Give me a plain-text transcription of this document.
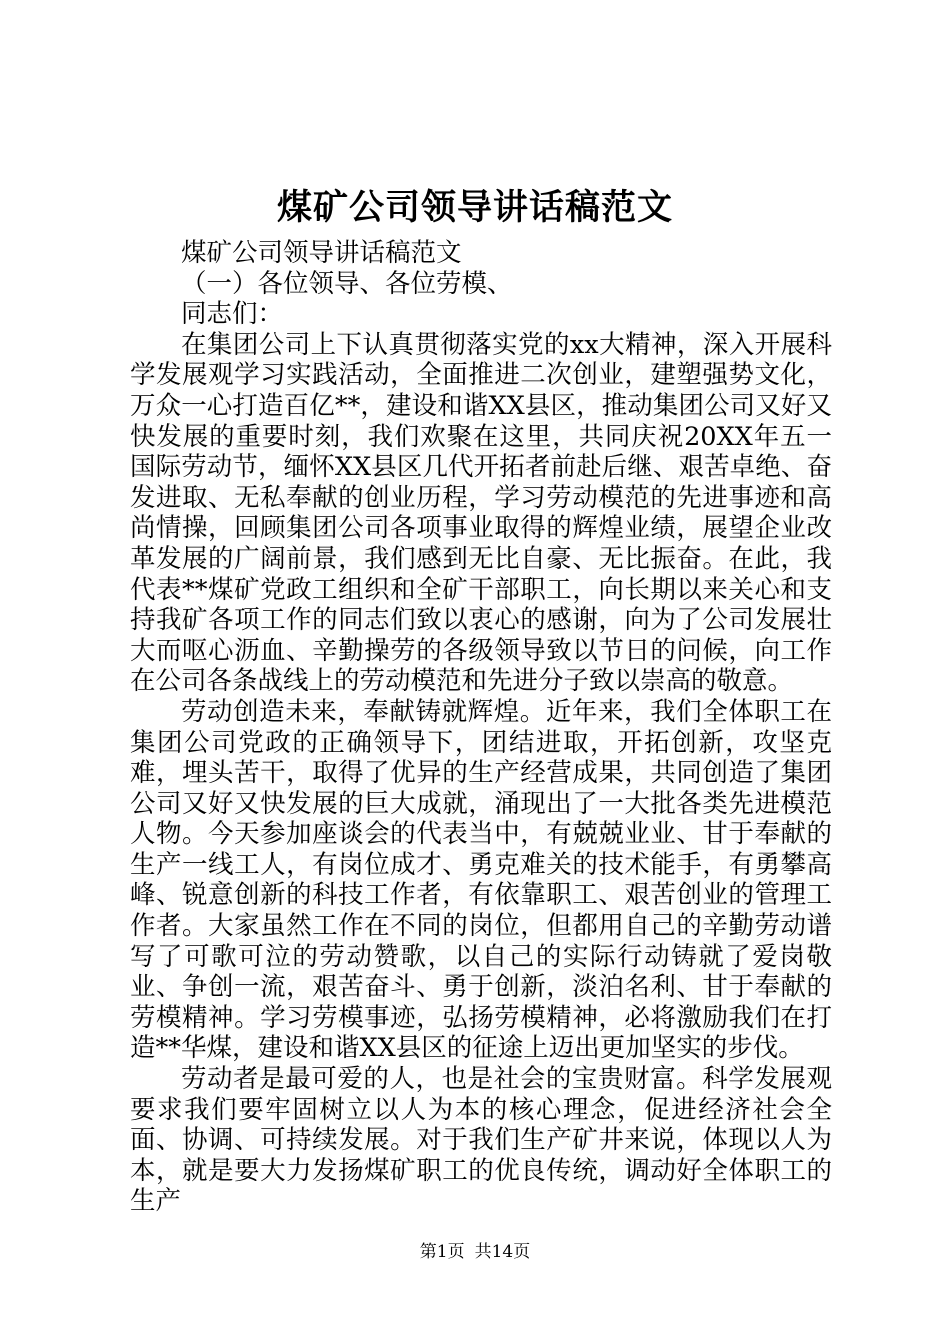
煤矿公司领导讲话稿范文

煤矿公司领导讲话稿范文

（一）各位领导、各位劳模、

同志们：

在集团公司上下认真贯彻落实党的xx大精神，深入开展科学发展观学习实践活动，全面推进二次创业，建塑强势文化，万众一心打造百亿**，建设和谐XX县区，推动集团公司又好又快发展的重要时刻，我们欢聚在这里，共同庆祝20XX年五一国际劳动节，缅怀XX县区几代开拓者前赴后继、艰苦卓绝、奋发进取、无私奉献的创业历程，学习劳动模范的先进事迹和高尚情操，回顾集团公司各项事业取得的辉煌业绩，展望企业改革发展的广阔前景，我们感到无比自豪、无比振奋。在此，我代表**煤矿党政工组织和全矿干部职工，向长期以来关心和支持我矿各项工作的同志们致以衷心的感谢，向为了公司发展壮大而呕心沥血、辛勤操劳的各级领导致以节日的问候，向工作在公司各条战线上的劳动模范和先进分子致以崇高的敬意。

劳动创造未来，奉献铸就辉煌。近年来，我们全体职工在集团公司党政的正确领导下，团结进取，开拓创新，攻坚克难，埋头苦干，取得了优异的生产经营成果，共同创造了集团公司又好又快发展的巨大成就，涌现出了一大批各类先进模范人物。今天参加座谈会的代表当中，有兢兢业业、甘于奉献的生产一线工人，有岗位成才、勇克难关的技术能手，有勇攀高峰、锐意创新的科技工作者，有依靠职工、艰苦创业的管理工作者。大家虽然工作在不同的岗位，但都用自己的辛勤劳动谱写了可歌可泣的劳动赞歌，以自己的实际行动铸就了爱岗敬业、争创一流，艰苦奋斗、勇于创新，淡泊名利、甘于奉献的劳模精神。学习劳模事迹，弘扬劳模精神，必将激励我们在打造**华煤，建设和谐XX县区的征途上迈出更加坚实的步伐。

劳动者是最可爱的人，也是社会的宝贵财富。科学发展观要求我们要牢固树立以人为本的核心理念，促进经济社会全面、协调、可持续发展。对于我们生产矿井来说，体现以人为本，就是要大力发扬煤矿职工的优良传统，调动好全体职工的生产

第1页 共14页
